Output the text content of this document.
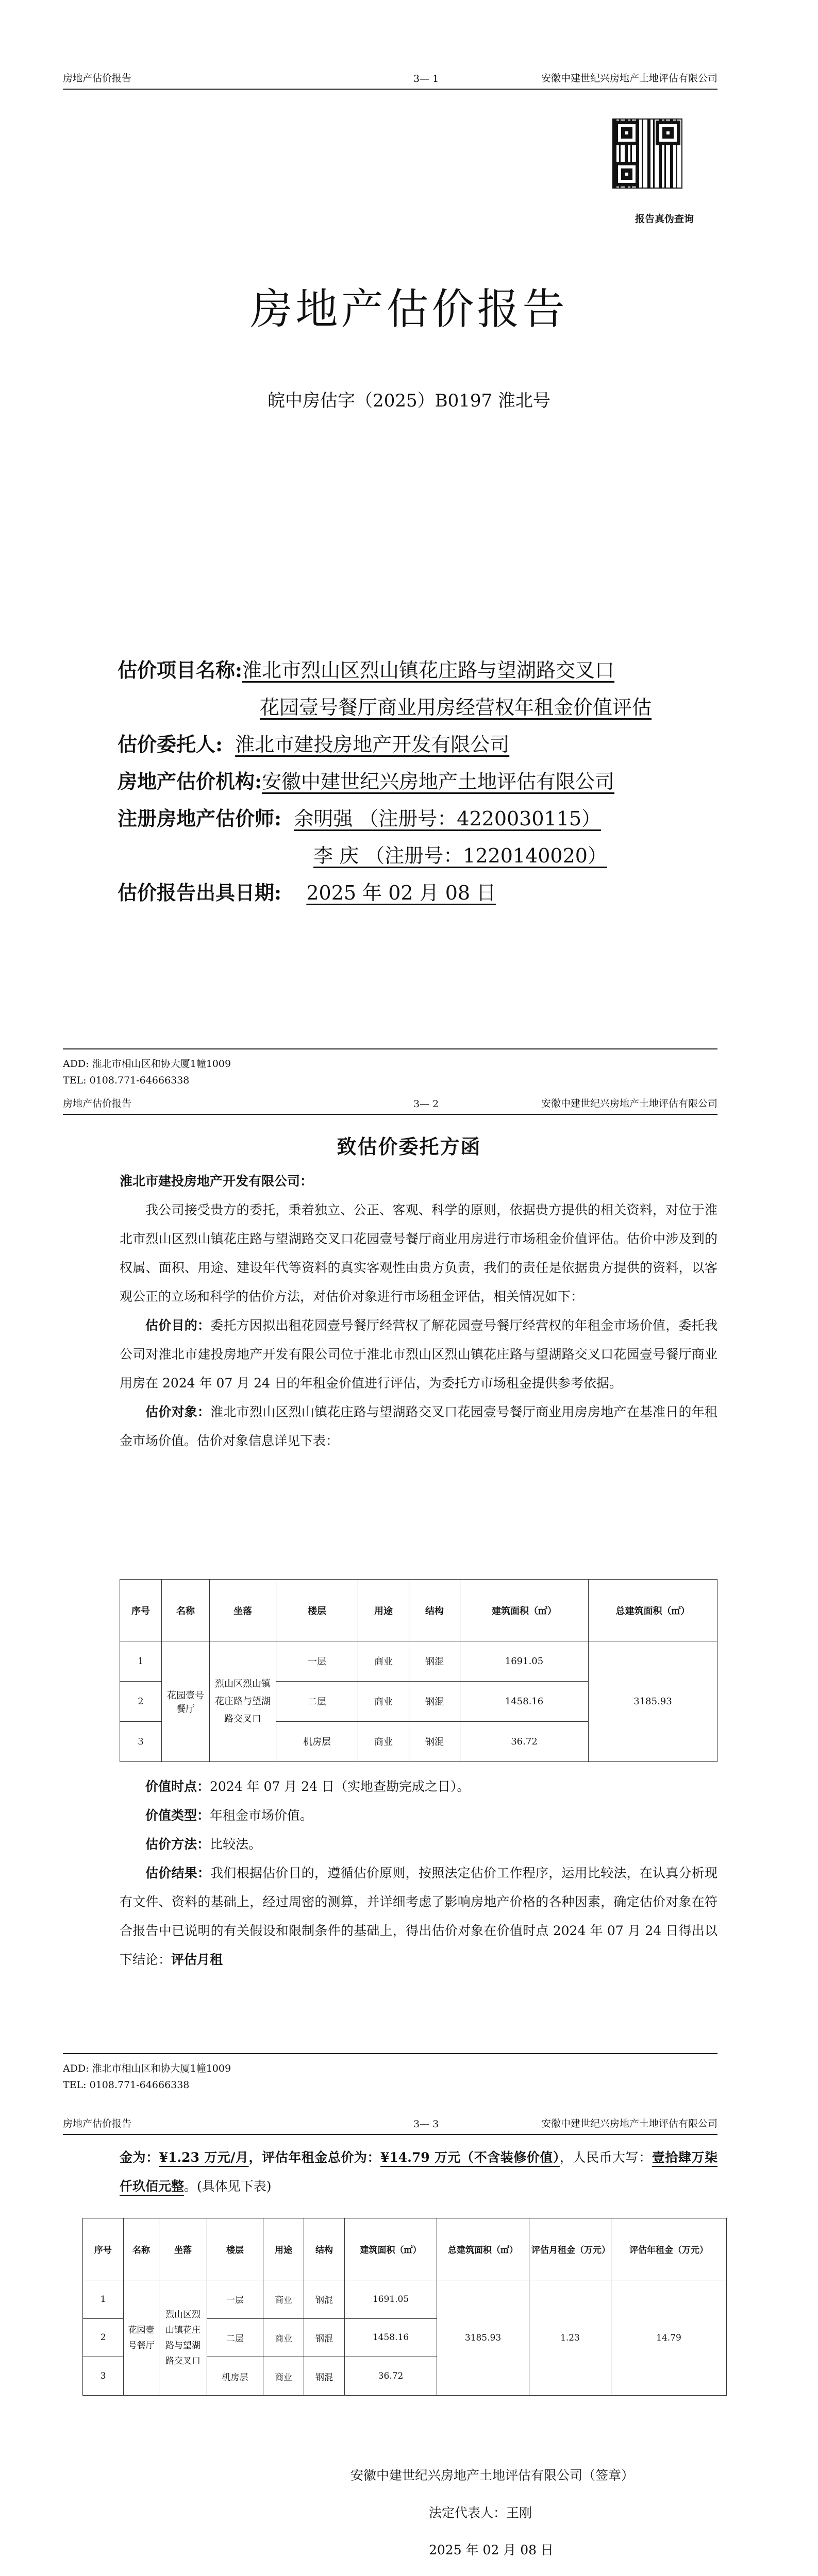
房地产估价报告	3— 1	安徽中建世纪兴房地产土地评估有限公司
报告真伪查询
房地产估价报告
皖中房估字（2025）B0197 淮北号
估价项目名称:淮北市烈山区烈山镇花庄路与望湖路交叉口
花园壹号餐厅商业用房经营权年租金价值评估
估价委托人: 淮北市建投房地产开发有限公司
房地产估价机构:安徽中建世纪兴房地产土地评估有限公司
注册房地产估价师: 余明强 （注册号：4220030115）
李 庆 （注册号：1220140020）
估价报告出具日期: 2025 年 02 月 08 日
ADD: 淮北市相山区和协大厦1幢1009
TEL: 0108.771-64666338
房地产估价报告	3— 2	安徽中建世纪兴房地产土地评估有限公司
致估价委托方函

淮北市建投房地产开发有限公司：

我公司接受贵方的委托，秉着独立、公正、客观、科学的原则，依据贵方提供的相关资料，对位于淮北市烈山区烈山镇花庄路与望湖路交叉口花园壹号餐厅商业用房进行市场租金价值评估。估价中涉及到的权属、面积、用途、建设年代等资料的真实客观性由贵方负责，我们的责任是依据贵方提供的资料，以客观公正的立场和科学的估价方法，对估价对象进行市场租金评估，相关情况如下：

估价目的：委托方因拟出租花园壹号餐厅经营权了解花园壹号餐厅经营权的年租金市场价值，委托我公司对淮北市建投房地产开发有限公司位于淮北市烈山区烈山镇花庄路与望湖路交叉口花园壹号餐厅商业用房在 2024 年 07 月 24 日的年租金价值进行评估，为委托方市场租金提供参考依据。

估价对象：淮北市烈山区烈山镇花庄路与望湖路交叉口花园壹号餐厅商业用房房地产在基准日的年租金市场价值。估价对象信息详见下表：

序号	名称	坐落	楼层	用途	结构	建筑面积（㎡）	总建筑面积（㎡）
1	花园壹号餐厅	烈山区烈山镇花庄路与望湖路交叉口	一层	商业	钢混	1691.05	3185.93
2			二层	商业	钢混	1458.16	
3			机房层	商业	钢混	36.72	

价值时点：2024 年 07 月 24 日（实地查勘完成之日）。

价值类型：年租金市场价值。

估价方法：比较法。

估价结果：我们根据估价目的，遵循估价原则，按照法定估价工作程序，运用比较法，在认真分析现有文件、资料的基础上，经过周密的测算，并详细考虑了影响房地产价格的各种因素，确定估价对象在符合报告中已说明的有关假设和限制条件的基础上，得出估价对象在价值时点 2024 年 07 月 24 日得出以下结论：评估月租

ADD: 淮北市相山区和协大厦1幢1009
TEL: 0108.771-64666338
房地产估价报告	3— 3	安徽中建世纪兴房地产土地评估有限公司

金为：¥1.23 万元/月，评估年租金总价为：¥14.79 万元（不含装修价值），人民币大写：壹拾肆万柒仟玖佰元整。(具体见下表)

序号	名称	坐落	楼层	用途	结构	建筑面积（㎡）	总建筑面积（㎡）	评估月租金（万元）	评估年租金（万元）
1	花园壹号餐厅	烈山区烈山镇花庄路与望湖路交叉口	一层	商业	钢混	1691.05	3185.93	1.23	14.79
2			二层	商业	钢混	1458.16			
3			机房层	商业	钢混	36.72			
安徽中建世纪兴房地产土地评估有限公司（签章）
法定代表人：王刚
2025 年 02 月 08 日
